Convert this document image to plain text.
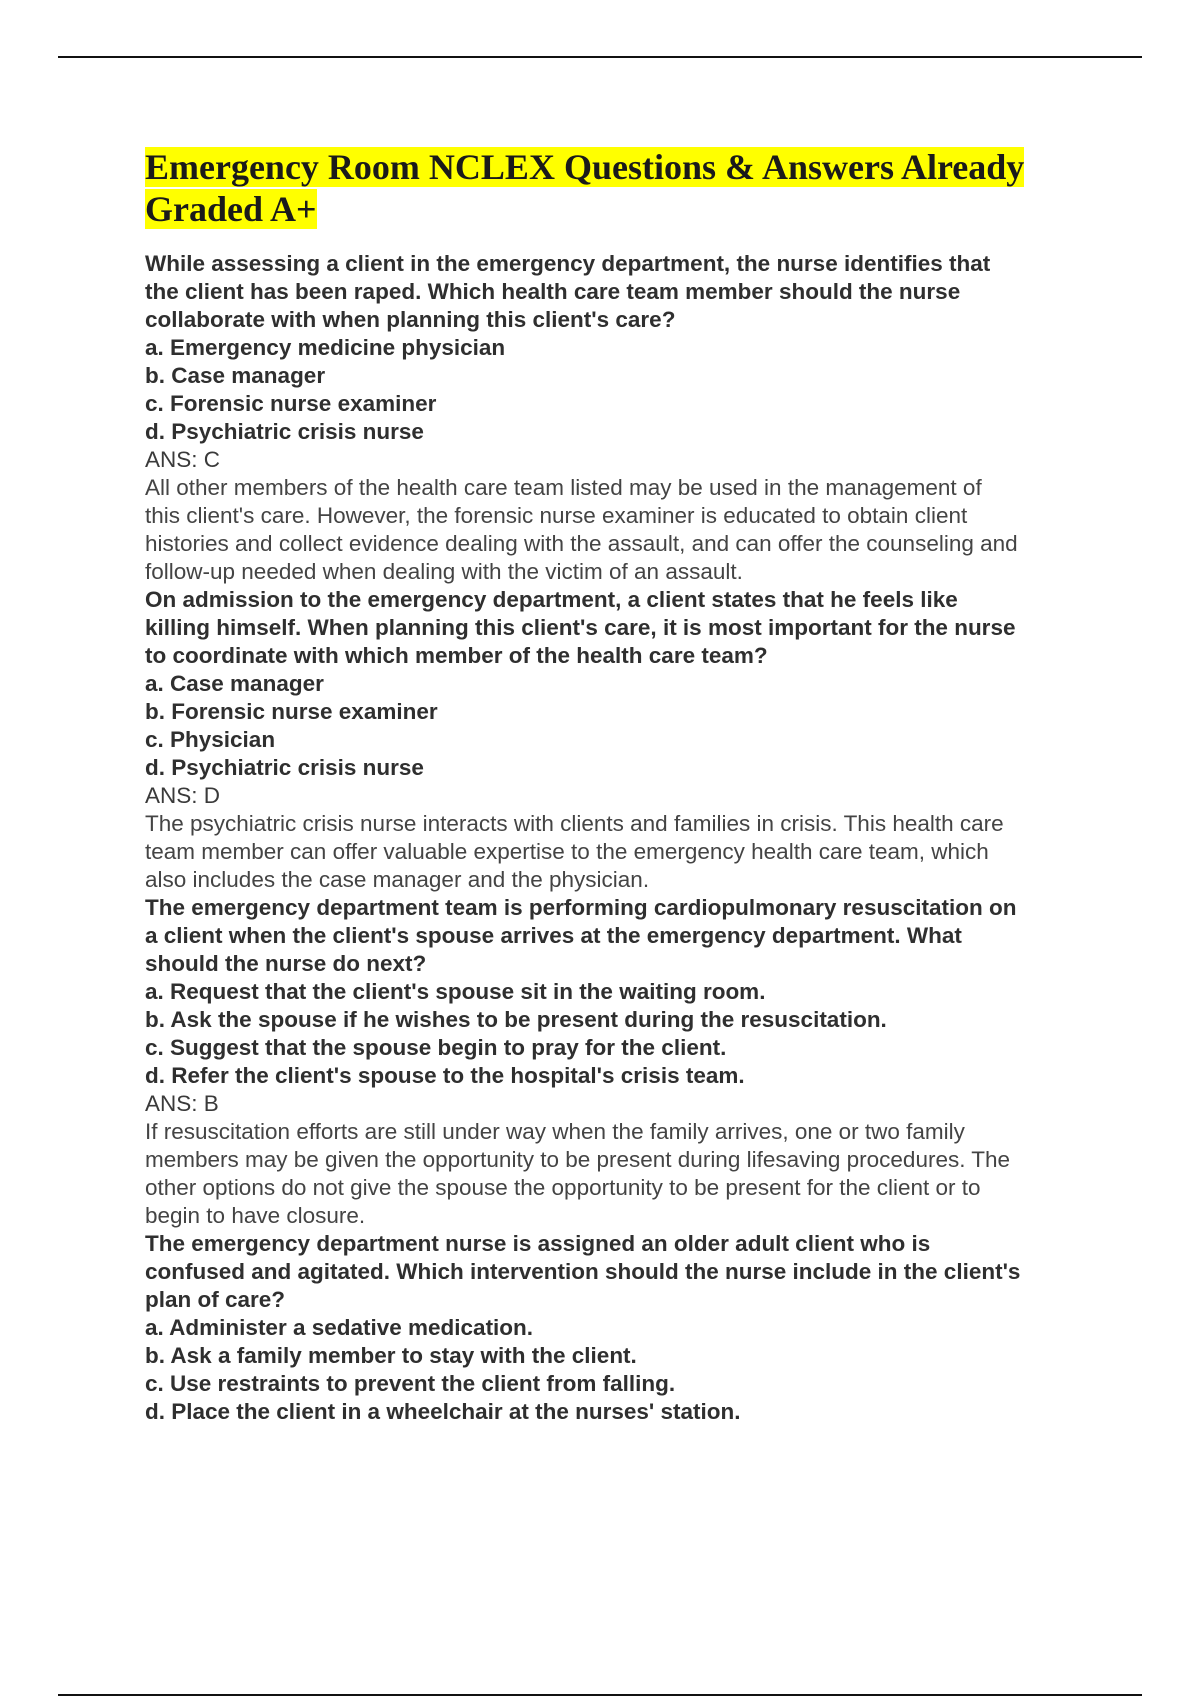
Emergency Room NCLEX Questions & Answers Already
Graded A+
While assessing a client in the emergency department, the nurse identifies that
the client has been raped. Which health care team member should the nurse
collaborate with when planning this client's care?
a. Emergency medicine physician
b. Case manager
c. Forensic nurse examiner
d. Psychiatric crisis nurse
ANS: C
All other members of the health care team listed may be used in the management of
this client's care. However, the forensic nurse examiner is educated to obtain client
histories and collect evidence dealing with the assault, and can offer the counseling and
follow-up needed when dealing with the victim of an assault.
On admission to the emergency department, a client states that he feels like
killing himself. When planning this client's care, it is most important for the nurse
to coordinate with which member of the health care team?
a. Case manager
b. Forensic nurse examiner
c. Physician
d. Psychiatric crisis nurse
ANS: D
The psychiatric crisis nurse interacts with clients and families in crisis. This health care
team member can offer valuable expertise to the emergency health care team, which
also includes the case manager and the physician.
The emergency department team is performing cardiopulmonary resuscitation on
a client when the client's spouse arrives at the emergency department. What
should the nurse do next?
a. Request that the client's spouse sit in the waiting room.
b. Ask the spouse if he wishes to be present during the resuscitation.
c. Suggest that the spouse begin to pray for the client.
d. Refer the client's spouse to the hospital's crisis team.
ANS: B
If resuscitation efforts are still under way when the family arrives, one or two family
members may be given the opportunity to be present during lifesaving procedures. The
other options do not give the spouse the opportunity to be present for the client or to
begin to have closure.
The emergency department nurse is assigned an older adult client who is
confused and agitated. Which intervention should the nurse include in the client's
plan of care?
a. Administer a sedative medication.
b. Ask a family member to stay with the client.
c. Use restraints to prevent the client from falling.
d. Place the client in a wheelchair at the nurses' station.
